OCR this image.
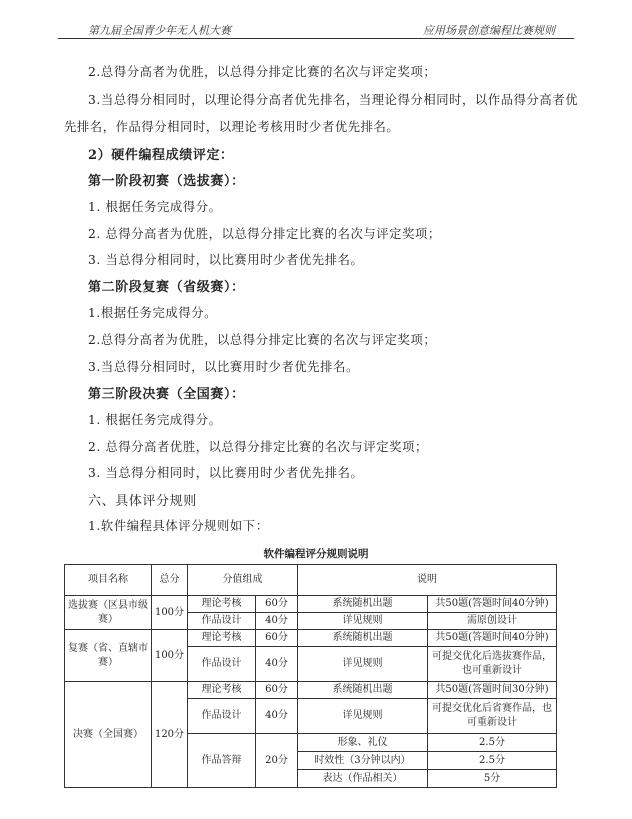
第九届全国青少年无人机大赛	应用场景创意编程比赛规则
2.总得分高者为优胜，以总得分排定比赛的名次与评定奖项；
3.当总得分相同时，以理论得分高者优先排名，当理论得分相同时，以作品得分高者优
先排名，作品得分相同时，以理论考核用时少者优先排名。
2）硬件编程成绩评定：
第一阶段初赛（选拔赛）：
1. 根据任务完成得分。
2. 总得分高者为优胜，以总得分排定比赛的名次与评定奖项；
3. 当总得分相同时，以比赛用时少者优先排名。
第二阶段复赛（省级赛）：
1.根据任务完成得分。
2.总得分高者为优胜，以总得分排定比赛的名次与评定奖项；
3.当总得分相同时，以比赛用时少者优先排名。
第三阶段决赛（全国赛）：
1. 根据任务完成得分。
2. 总得分高者优胜，以总得分排定比赛的名次与评定奖项；
3. 当总得分相同时，以比赛用时少者优先排名。
六、具体评分规则
1.软件编程具体评分规则如下：
软件编程评分规则说明
项目名称	总分	分值组成		说明	
选拔赛（区县市级赛）	100分	理论考核	60分	系统随机出题	共50题(答题时间40分钟)
		作品设计	40分	详见规则	需原创设计
复赛（省、直辖市赛）	100分	理论考核	60分	系统随机出题	共50题(答题时间40分钟)
		作品设计	40分	详见规则	可提交优化后选拔赛作品，也可重新设计
决赛（全国赛）	120分	理论考核	60分	系统随机出题	共50题(答题时间30分钟)
		作品设计	40分	详见规则	可提交优化后省赛作品，也可重新设计
		作品答辩	20分	形象、礼仪	2.5分
				时效性（3分钟以内）	2.5分
				表达（作品相关）	5分
